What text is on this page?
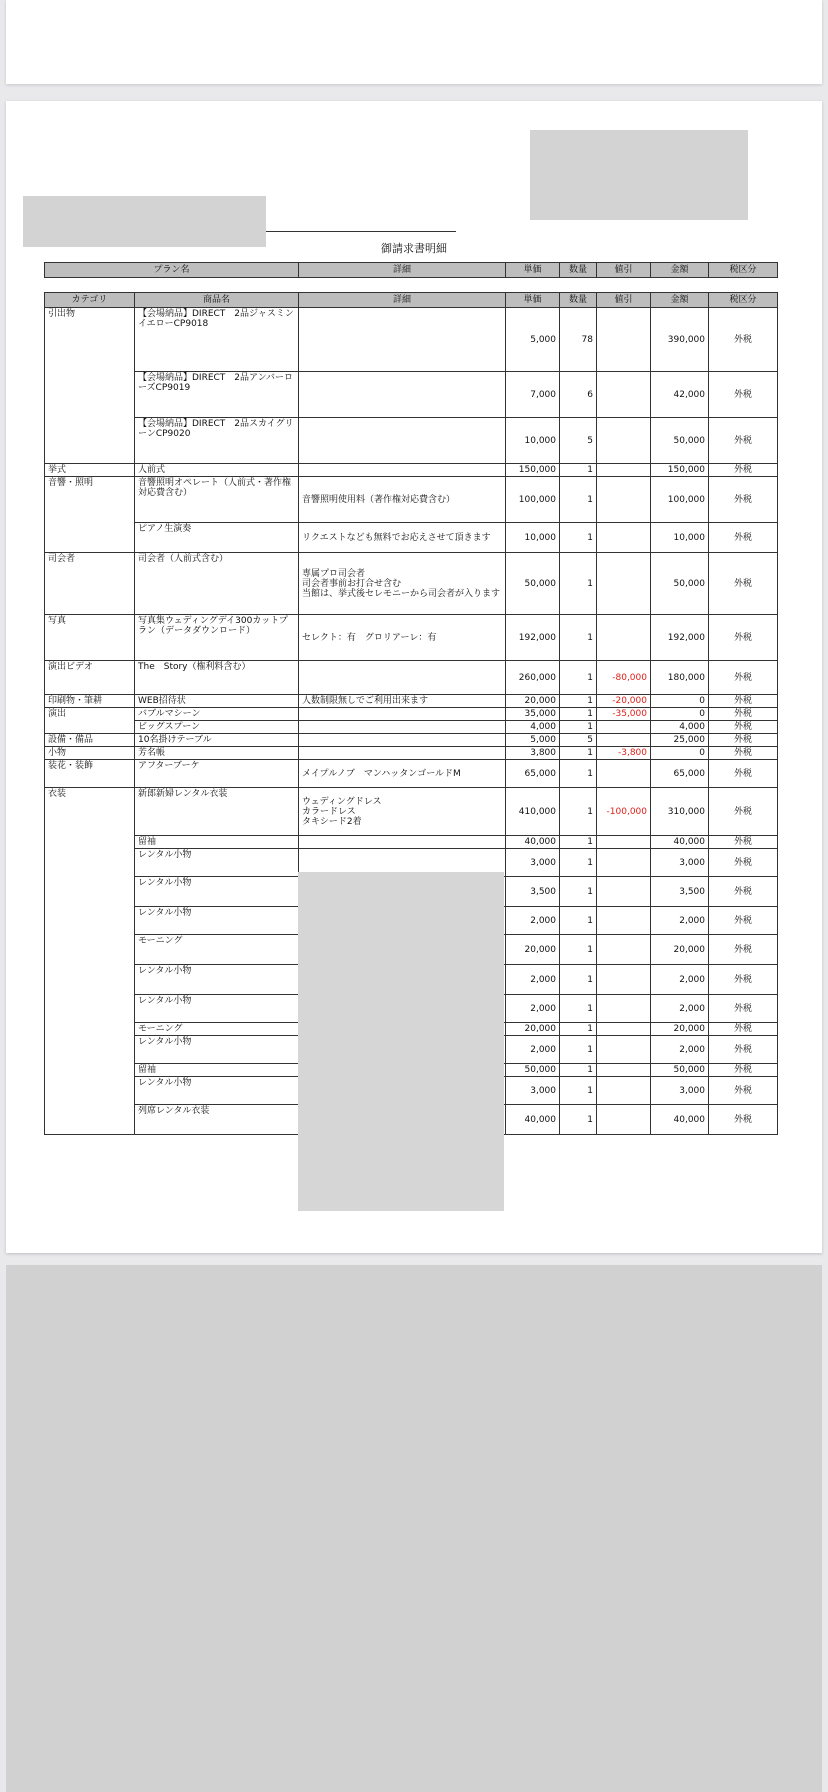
御請求書明細
プラン名	詳細	単価	数量	値引	金額	税区分
カテゴリ	商品名	詳細	単価	数量	値引	金額	税区分
引出物	【会場納品】DIRECT　2品ジャスミンイエローCP9018		5,000	78		390,000	外税
	【会場納品】DIRECT　2品アンバーローズCP9019		7,000	6		42,000	外税
	【会場納品】DIRECT　2品スカイグリーンCP9020		10,000	5		50,000	外税
挙式	人前式		150,000	1		150,000	外税
音響・照明	音響照明オペレート（人前式・著作権対応費含む）	音響照明使用料（著作権対応費含む）	100,000	1		100,000	外税
	ピアノ生演奏	リクエストなども無料でお応えさせて頂きます	10,000	1		10,000	外税
司会者	司会者（人前式含む）	専属プロ司会者
司会者事前お打合せ含む
当館は、挙式後セレモニーから司会者が入ります	50,000	1		50,000	外税
写真	写真集ウェディングデイ300カットプラン（データダウンロード）	セレクト：有　グロリアーレ：有	192,000	1		192,000	外税
演出ビデオ	The　Story（権利料含む）		260,000	1	-80,000	180,000	外税
印刷物・筆耕	WEB招待状	人数制限無しでご利用出来ます	20,000	1	-20,000	0	外税
演出	バブルマシーン		35,000	1	-35,000	0	外税
	ビッグスプーン		4,000	1		4,000	外税
設備・備品	10名掛けテーブル		5,000	5		25,000	外税
小物	芳名帳		3,800	1	-3,800	0	外税
装花・装飾	アフターブーケ	メイプルノブ　マンハッタンゴールドM	65,000	1		65,000	外税
衣装	新郎新婦レンタル衣装	ウェディングドレス
カラードレス
タキシード2着	410,000	1	-100,000	310,000	外税
	留袖		40,000	1		40,000	外税
	レンタル小物		3,000	1		3,000	外税
	レンタル小物		3,500	1		3,500	外税
	レンタル小物		2,000	1		2,000	外税
	モーニング		20,000	1		20,000	外税
	レンタル小物		2,000	1		2,000	外税
	レンタル小物		2,000	1		2,000	外税
	モーニング		20,000	1		20,000	外税
	レンタル小物		2,000	1		2,000	外税
	留袖		50,000	1		50,000	外税
	レンタル小物		3,000	1		3,000	外税
	列席レンタル衣装		40,000	1		40,000	外税
